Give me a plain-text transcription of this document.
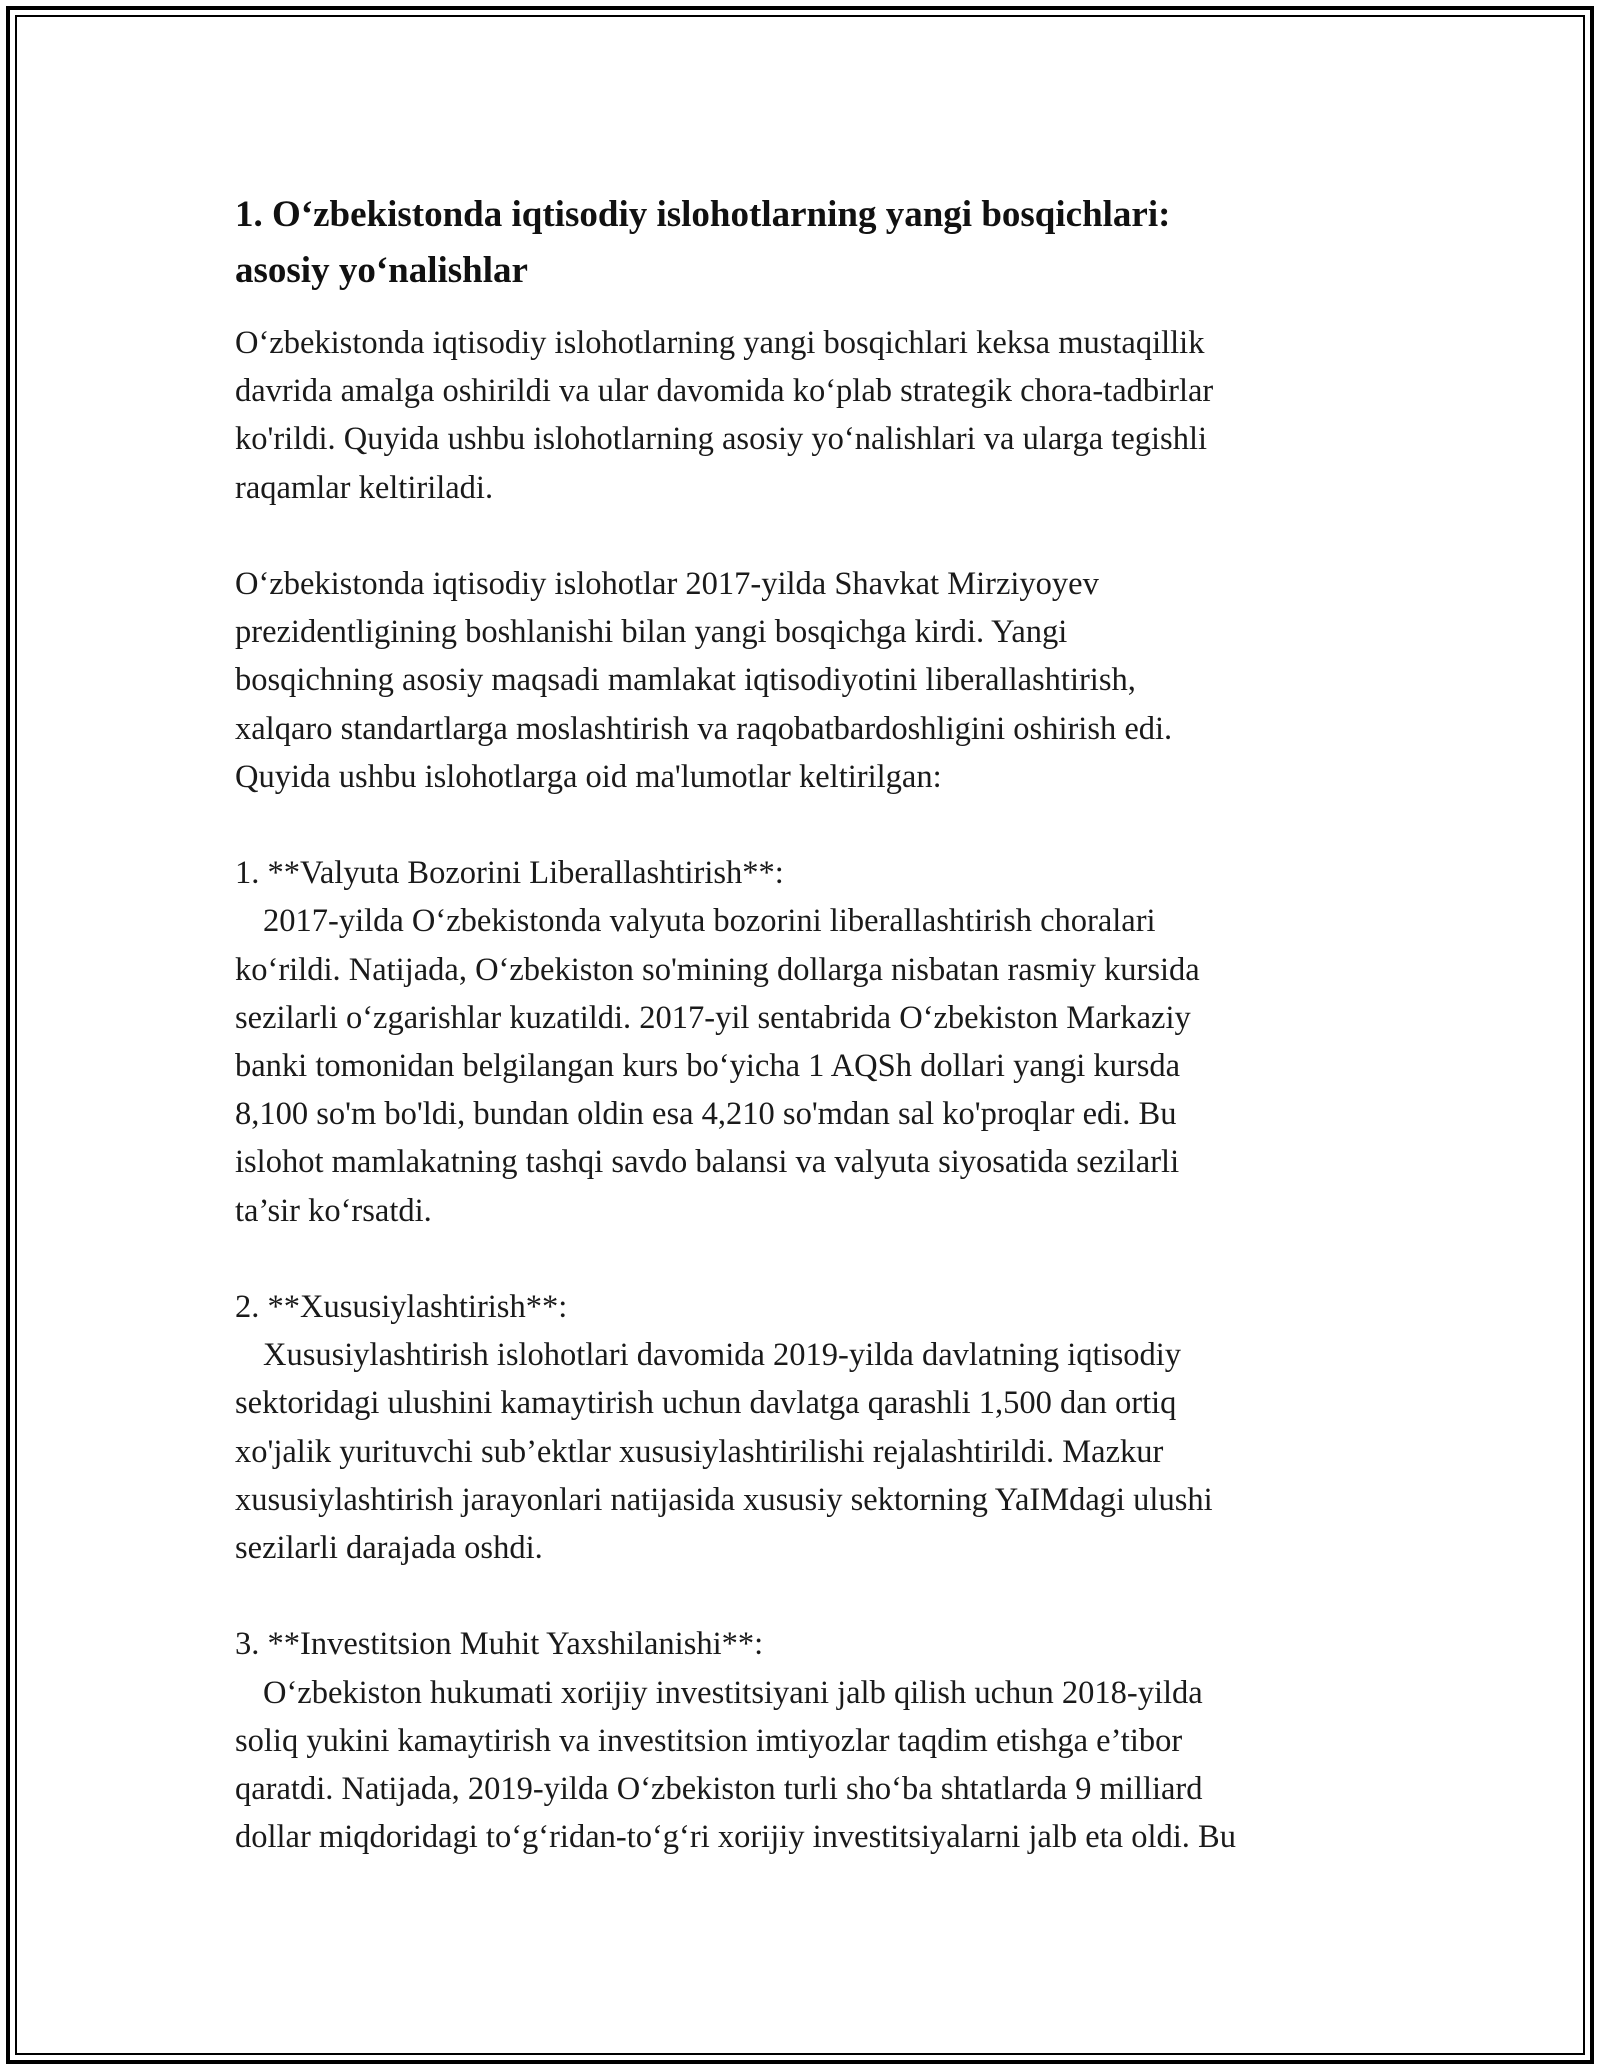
1. O‘zbekistonda iqtisodiy islohotlarning yangi bosqichlari:
asosiy yo‘nalishlar

O‘zbekistonda iqtisodiy islohotlarning yangi bosqichlari keksa mustaqillik
davrida amalga oshirildi va ular davomida ko‘plab strategik chora-tadbirlar
ko'rildi. Quyida ushbu islohotlarning asosiy yo‘nalishlari va ularga tegishli
raqamlar keltiriladi.

O‘zbekistonda iqtisodiy islohotlar 2017-yilda Shavkat Mirziyoyev
prezidentligining boshlanishi bilan yangi bosqichga kirdi. Yangi
bosqichning asosiy maqsadi mamlakat iqtisodiyotini liberallashtirish,
xalqaro standartlarga moslashtirish va raqobatbardoshligini oshirish edi.
Quyida ushbu islohotlarga oid ma'lumotlar keltirilgan:

1. **Valyuta Bozorini Liberallashtirish**:
2017-yilda O‘zbekistonda valyuta bozorini liberallashtirish choralari
ko‘rildi. Natijada, O‘zbekiston so'mining dollarga nisbatan rasmiy kursida
sezilarli o‘zgarishlar kuzatildi. 2017-yil sentabrida O‘zbekiston Markaziy
banki tomonidan belgilangan kurs bo‘yicha 1 AQSh dollari yangi kursda
8,100 so'm bo'ldi, bundan oldin esa 4,210 so'mdan sal ko'proqlar edi. Bu
islohot mamlakatning tashqi savdo balansi va valyuta siyosatida sezilarli
ta’sir ko‘rsatdi.

2. **Xususiylashtirish**:
Xususiylashtirish islohotlari davomida 2019-yilda davlatning iqtisodiy
sektoridagi ulushini kamaytirish uchun davlatga qarashli 1,500 dan ortiq
xo'jalik yurituvchi sub’ektlar xususiylashtirilishi rejalashtirildi. Mazkur
xususiylashtirish jarayonlari natijasida xususiy sektorning YaIMdagi ulushi
sezilarli darajada oshdi.

3. **Investitsion Muhit Yaxshilanishi**:
O‘zbekiston hukumati xorijiy investitsiyani jalb qilish uchun 2018-yilda
soliq yukini kamaytirish va investitsion imtiyozlar taqdim etishga e’tibor
qaratdi. Natijada, 2019-yilda O‘zbekiston turli sho‘ba shtatlarda 9 milliard
dollar miqdoridagi to‘g‘ridan-to‘g‘ri xorijiy investitsiyalarni jalb eta oldi. Bu
